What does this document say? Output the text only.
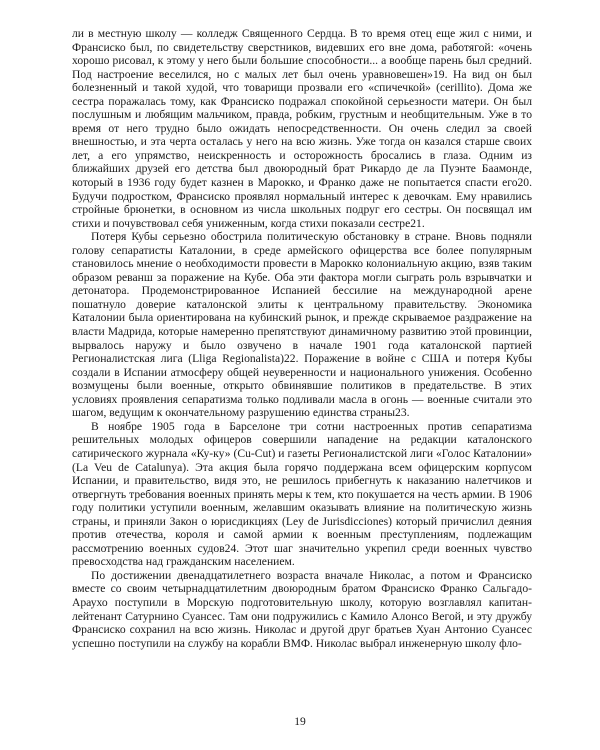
ли в местную школу — колледж Священного Сердца. В то время отец еще жил с ними, и Франсиско был, по свидетельству сверстников, видевших его вне дома, работягой: «очень хорошо рисовал, к этому у него были большие способности... а вообще парень был средний. Под настроение веселился, но с малых лет был очень уравновешен»19. На вид он был болезненный и такой худой, что товарищи прозвали его «спичечкой» (cerillito). Дома же сестра поражалась тому, как Франсиско подражал спокойной серьезности матери. Он был послушным и любящим мальчиком, правда, робким, грустным и необщительным. Уже в то время от него трудно было ожидать непосредственности. Он очень следил за своей внешностью, и эта черта осталась у него на всю жизнь. Уже тогда он казался старше своих лет, а его упрямство, неискренность и осторожность бросались в глаза. Одним из ближайших друзей его детства был двоюродный брат Рикардо де ла Пуэнте Баамонде, который в 1936 году будет казнен в Марокко, и Франко даже не попытается спасти его20. Будучи подростком, Франсиско проявлял нормальный интерес к девочкам. Ему нравились стройные брюнетки, в основном из числа школьных подруг его сестры. Он посвящал им стихи и почувствовал себя униженным, когда стихи показали сестре21.

Потеря Кубы серьезно обострила политическую обстановку в стране. Вновь подняли голову сепаратисты Каталонии, в среде армейского офицерства все более популярным становилось мнение о необходимости провести в Марокко колониальную акцию, взяв таким образом реванш за поражение на Кубе. Оба эти фактора могли сыграть роль взрывчатки и детонатора. Продемонстрированное Испанией бессилие на международной арене пошатнуло доверие каталонской элиты к центральному правительству. Экономика Каталонии была ориентирована на кубинский рынок, и прежде скрываемое раздражение на власти Мадрида, которые намеренно препятствуют динамичному развитию этой провинции, вырвалось наружу и было озвучено в начале 1901 года каталонской партией Регионалистская лига (Lliga Regionalista)22. Поражение в войне с США и потеря Кубы создали в Испании атмосферу общей неуверенности и национального унижения. Особенно возмущены были военные, открыто обвинявшие политиков в предательстве. В этих условиях проявления сепаратизма только подливали масла в огонь — военные считали это шагом, ведущим к окончательному разрушению единства страны23.

В ноябре 1905 года в Барселоне три сотни настроенных против сепаратизма решительных молодых офицеров совершили нападение на редакции каталонского сатирического журнала «Ку-ку» (Cu-Cut) и газеты Регионалистской лиги «Голос Каталонии» (La Veu de Catalunya). Эта акция была горячо поддержана всем офицерским корпусом Испании, и правительство, видя это, не решилось прибегнуть к наказанию налетчиков и отвергнуть требования военных принять меры к тем, кто покушается на честь армии. В 1906 году политики уступили военным, желавшим оказывать влияние на политическую жизнь страны, и приняли Закон о юрисдикциях (Ley de Jurisdicciones) который причислил деяния против отечества, короля и самой армии к военным преступлениям, подлежащим рассмотрению военных судов24. Этот шаг значительно укрепил среди военных чувство превосходства над гражданским населением.

По достижении двенадцатилетнего возраста вначале Николас, а потом и Франсиско вместе со своим четырнадцатилетним двоюродным братом Франсиско Франко Сальгадо-Араухо поступили в Морскую подготовительную школу, которую возглавлял капитан-лейтенант Сатурнино Суансес. Там они подружились с Камило Алонсо Вегой, и эту дружбу Франсиско сохранил на всю жизнь. Николас и другой друг братьев Хуан Антонио Суансес успешно поступили на службу на корабли ВМФ. Николас выбрал инженерную школу фло-

19
